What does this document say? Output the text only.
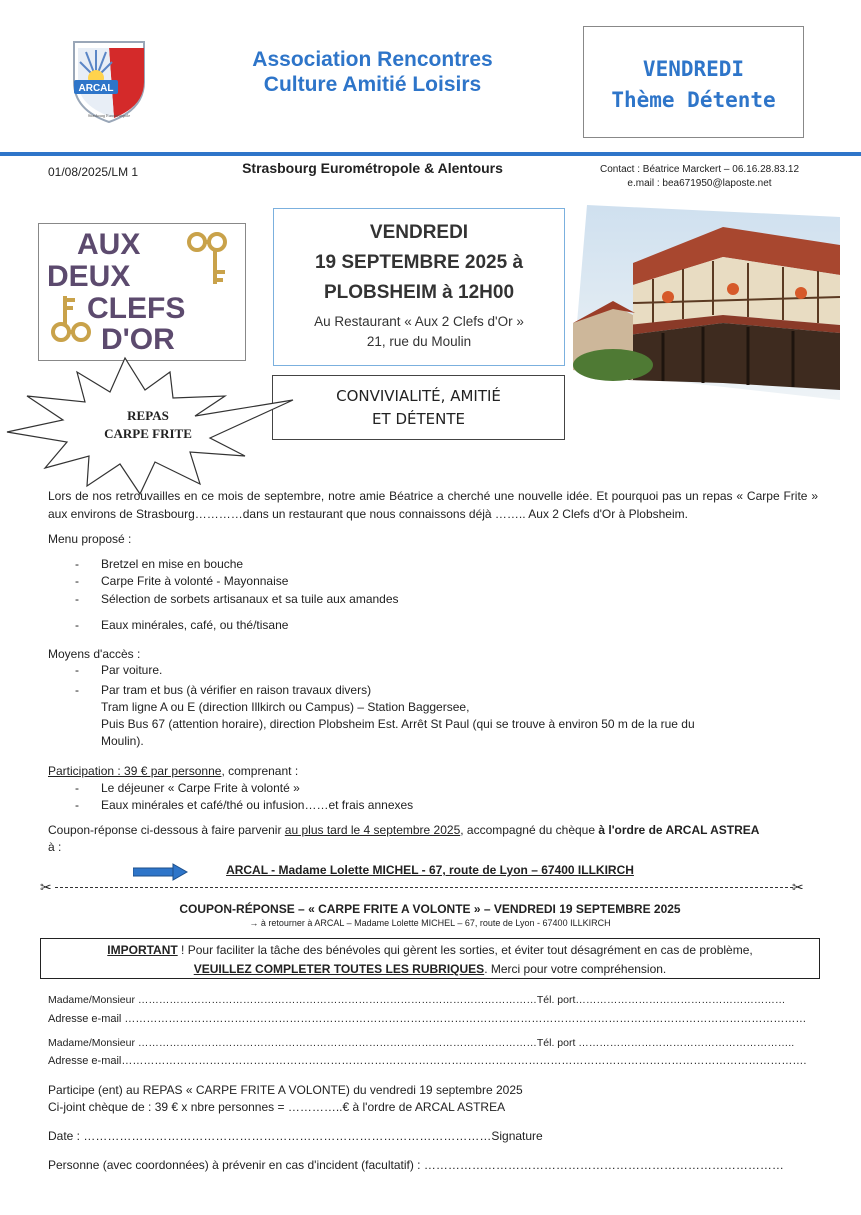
ARCAL
Strasbourg Eurométropole
Association Rencontres
Culture Amitié Loisirs
VENDREDI
Thème Détente
01/08/2025/LM 1	Strasbourg Eurométropole & Alentours	Contact : Béatrice Marckert – 06.16.28.83.12
e.mail : bea671950@laposte.net
AUX
DEUX
CLEFS
D'OR
VENDREDI
19 SEPTEMBRE 2025 à
PLOBSHEIM à 12H00
Au Restaurant « Aux 2 Clefs d'Or »
21, rue du Moulin
CONVIVIALITÉ, AMITIÉ
ET DÉTENTE
REPAS
CARPE FRITE
Lors de nos retrouvailles en ce mois de septembre, notre amie Béatrice a cherché une nouvelle idée. Et pourquoi pas un repas « Carpe Frite » aux environs de Strasbourg…………dans un restaurant que nous connaissons déjà …….. Aux 2 Clefs d'Or à Plobsheim.
Menu proposé :
- Bretzel en mise en bouche
- Carpe Frite à volonté - Mayonnaise
- Sélection de sorbets artisanaux et sa tuile aux amandes
- Eaux minérales, café, ou thé/tisane
Moyens d'accès :
- Par voiture.
- Par tram et bus (à vérifier en raison travaux divers)
Tram ligne A ou E (direction Illkirch ou Campus) – Station Baggersee,
Puis Bus 67 (attention horaire), direction Plobsheim Est. Arrêt St Paul (qui se trouve à environ 50 m de la rue du
Moulin).
Participation : 39 € par personne, comprenant :
- Le déjeuner « Carpe Frite à volonté »
- Eaux minérales et café/thé ou infusion……et frais annexes
Coupon-réponse ci-dessous à faire parvenir au plus tard le 4 septembre 2025, accompagné du chèque à l'ordre de ARCAL ASTREA
à :
ARCAL - Madame Lolette MICHEL - 67, route de Lyon – 67400 ILLKIRCH
✂	✂
COUPON-RÉPONSE – « CARPE FRITE A VOLONTE » – VENDREDI 19 SEPTEMBRE 2025
→ à retourner à ARCAL – Madame Lolette MICHEL – 67, route de Lyon - 67400 ILLKIRCH
IMPORTANT ! Pour faciliter la tâche des bénévoles qui gèrent les sorties, et éviter tout désagrément en cas de problème,
VEUILLEZ COMPLETER TOUTES LES RUBRIQUES. Merci pour votre compréhension.
Madame/Monsieur ……………………………………………………………………………………………………Tél. port……………………………………………………
Adresse e-mail ……………………………………………………………………………………………………………………………………………………………………
Madame/Monsieur ……………………………………………………………………………………………………Tél. port ……………………………………………………..
Adresse e-mail…………………………………………………………………………………………………………………………………………………………………….
Participe (ent) au REPAS « CARPE FRITE A VOLONTE) du vendredi 19 septembre 2025
Ci-joint chèque de : 39 € x nbre personnes = …………..€ à l'ordre de ARCAL ASTREA
Date : …………………………………………………………………………………………Signature
Personne (avec coordonnées) à prévenir en cas d'incident (facultatif) : ………………………………………………………………………………
